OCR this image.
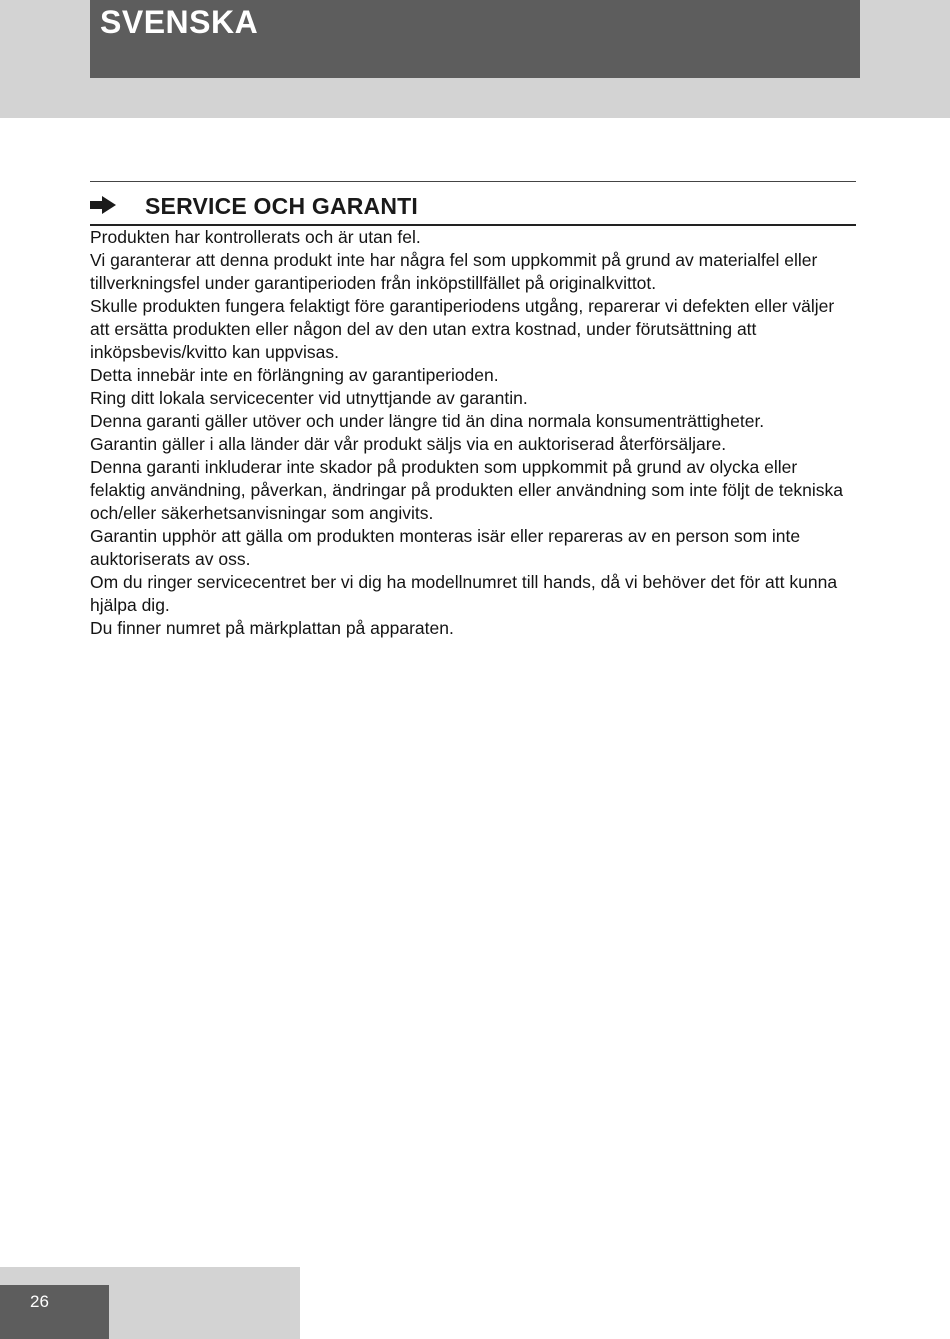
SVENSKA
SERVICE OCH GARANTI

Produkten har kontrollerats och är utan fel.

Vi garanterar att denna produkt inte har några fel som uppkommit på grund av materialfel eller tillverkningsfel under garantiperioden från inköpstillfället på originalkvittot.

Skulle produkten fungera felaktigt före garantiperiodens utgång, reparerar vi defekten eller väljer att ersätta produkten eller någon del av den utan extra kostnad, under förutsättning att inköpsbevis/kvitto kan uppvisas.

Detta innebär inte en förlängning av garantiperioden.

Ring ditt lokala servicecenter vid utnyttjande av garantin.

Denna garanti gäller utöver och under längre tid än dina normala konsumenträttigheter.

Garantin gäller i alla länder där vår produkt säljs via en auktoriserad återförsäljare.

Denna garanti inkluderar inte skador på produkten som uppkommit på grund av olycka eller felaktig användning, påverkan, ändringar på produkten eller användning som inte följt de tekniska och/eller säkerhetsanvisningar som angivits.

Garantin upphör att gälla om produkten monteras isär eller repareras av en person som inte auktoriserats av oss.

Om du ringer servicecentret ber vi dig ha modellnumret till hands, då vi behöver det för att kunna hjälpa dig.

Du finner numret på märkplattan på apparaten.

26
